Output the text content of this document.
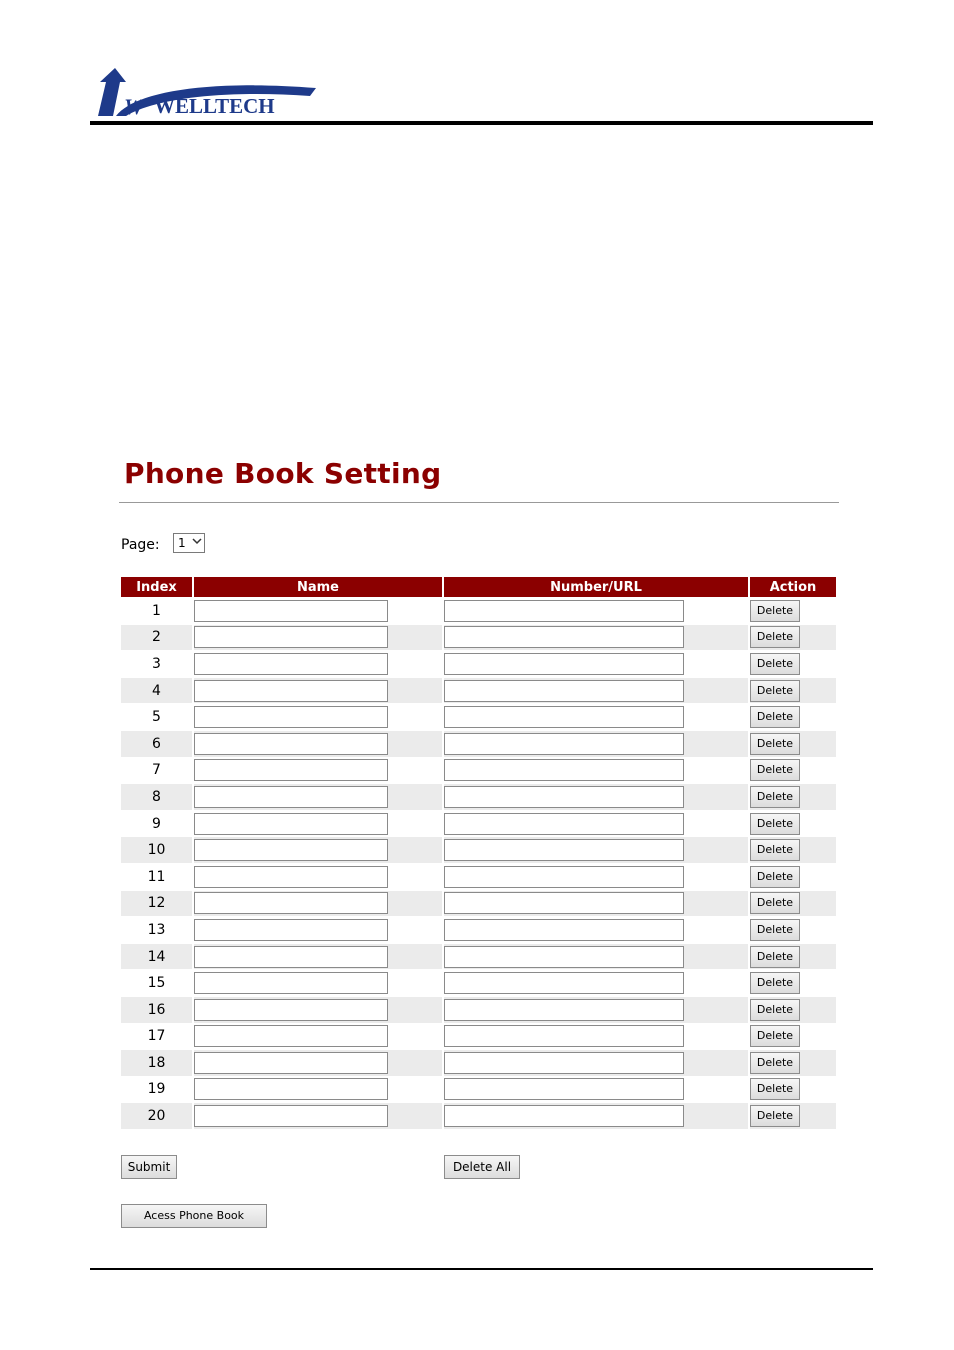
W WELLTECH
Phone Book Setting
Page: 1
Index	Name	Number/URL	Action
1			Delete
2			Delete
3			Delete
4			Delete
5			Delete
6			Delete
7			Delete
8			Delete
9			Delete
10			Delete
11			Delete
12			Delete
13			Delete
14			Delete
15			Delete
16			Delete
17			Delete
18			Delete
19			Delete
20			Delete
Submit	Delete All
Acess Phone Book
